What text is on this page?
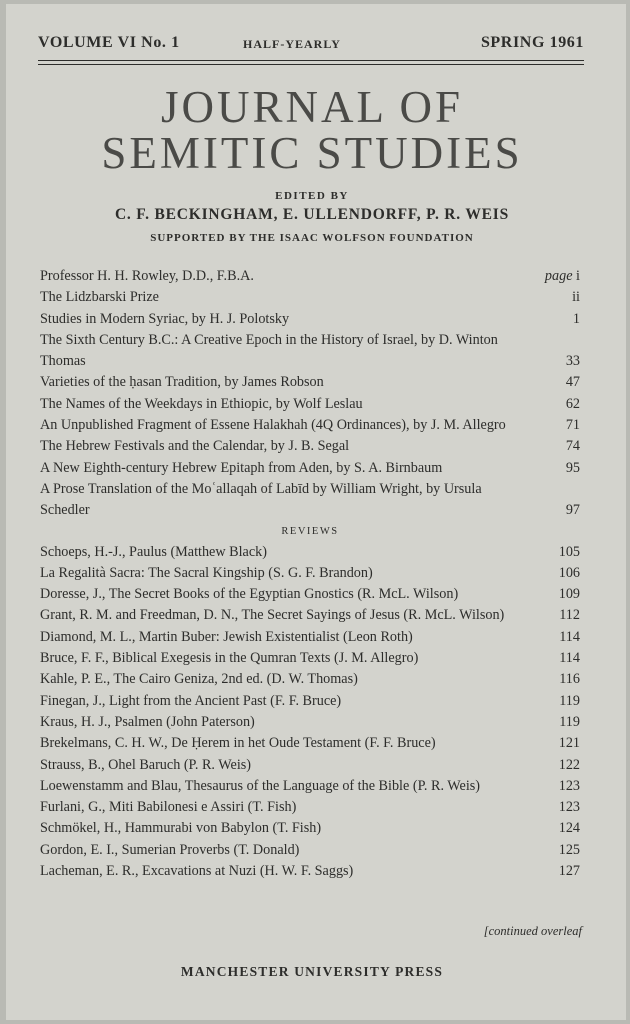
VOLUME VI No. 1	HALF-YEARLY	SPRING 1961
JOURNAL OF
SEMITIC STUDIES
EDITED BY
C. F. BECKINGHAM, E. ULLENDORFF, P. R. WEIS
SUPPORTED BY THE ISAAC WOLFSON FOUNDATION
Professor H. H. Rowley, D.D., F.B.A.	page i
The Lidzbarski Prize	ii
Studies in Modern Syriac, by H. J. Polotsky	1
The Sixth Century B.C.: A Creative Epoch in the History of Israel, by D. Winton Thomas	33
Varieties of the ḥasan Tradition, by James Robson	47
The Names of the Weekdays in Ethiopic, by Wolf Leslau	62
An Unpublished Fragment of Essene Halakhah (4Q Ordinances), by J. M. Allegro	71
The Hebrew Festivals and the Calendar, by J. B. Segal	74
A New Eighth-century Hebrew Epitaph from Aden, by S. A. Birnbaum	95
A Prose Translation of the Moʿallaqah of Labīd by William Wright, by Ursula Schedler	97
REVIEWS
Schoeps, H.-J., Paulus (Matthew Black)	105
La Regalità Sacra: The Sacral Kingship (S. G. F. Brandon)	106
Doresse, J., The Secret Books of the Egyptian Gnostics (R. McL. Wilson)	109
Grant, R. M. and Freedman, D. N., The Secret Sayings of Jesus (R. McL. Wilson)	112
Diamond, M. L., Martin Buber: Jewish Existentialist (Leon Roth)	114
Bruce, F. F., Biblical Exegesis in the Qumran Texts (J. M. Allegro)	114
Kahle, P. E., The Cairo Geniza, 2nd ed. (D. W. Thomas)	116
Finegan, J., Light from the Ancient Past (F. F. Bruce)	119
Kraus, H. J., Psalmen (John Paterson)	119
Brekelmans, C. H. W., De Ḥerem in het Oude Testament (F. F. Bruce)	121
Strauss, B., Ohel Baruch (P. R. Weis)	122
Loewenstamm and Blau, Thesaurus of the Language of the Bible (P. R. Weis)	123
Furlani, G., Miti Babilonesi e Assiri (T. Fish)	123
Schmökel, H., Hammurabi von Babylon (T. Fish)	124
Gordon, E. I., Sumerian Proverbs (T. Donald)	125
Lacheman, E. R., Excavations at Nuzi (H. W. F. Saggs)	127
[continued overleaf
MANCHESTER UNIVERSITY PRESS
